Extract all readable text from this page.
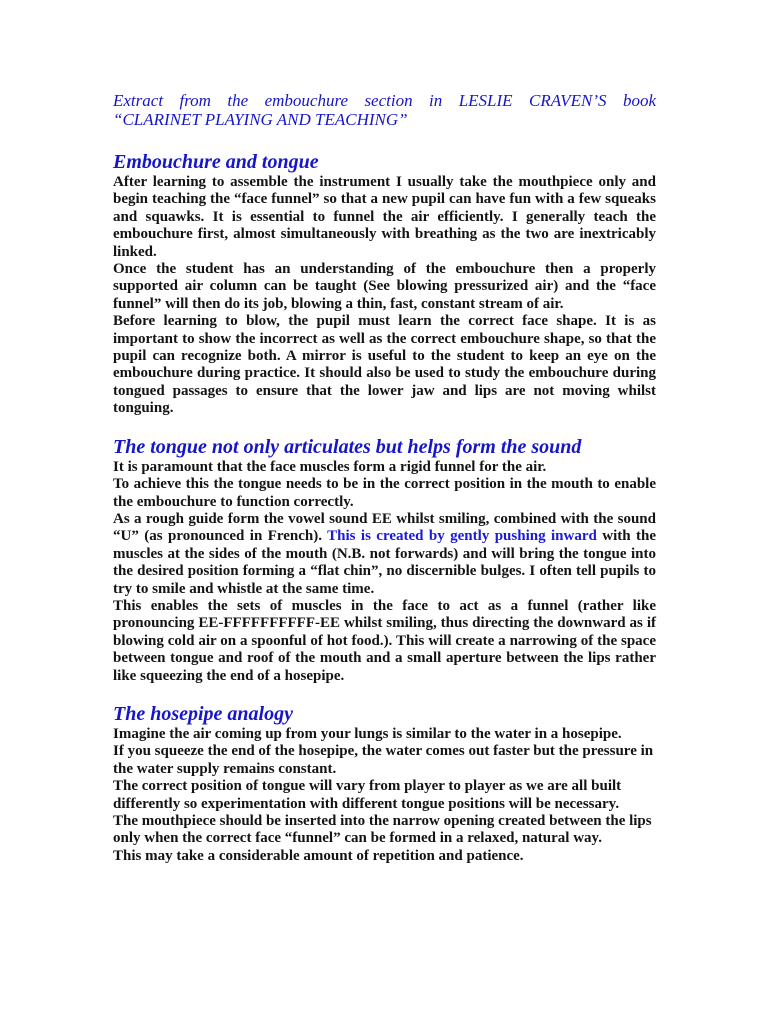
Extract from the embouchure section in LESLIE CRAVEN’S book
“CLARINET PLAYING AND TEACHING”
Embouchure and tongue

After learning to assemble the instrument I usually take the mouthpiece only and begin teaching the “face funnel” so that a new pupil can have fun with a few squeaks and squawks. It is essential to funnel the air efficiently. I generally teach the embouchure first, almost simultaneously with breathing as the two are inextricably linked.

Once the student has an understanding of the embouchure then a properly supported air column can be taught (See blowing pressurized air) and the “face funnel” will then do its job, blowing a thin, fast, constant stream of air.

Before learning to blow, the pupil must learn the correct face shape. It is as important to show the incorrect as well as the correct embouchure shape, so that the pupil can recognize both. A mirror is useful to the student to keep an eye on the embouchure during practice. It should also be used to study the embouchure during tongued passages to ensure that the lower jaw and lips are not moving whilst tonguing.

The tongue not only articulates but helps form the sound

It is paramount that the face muscles form a rigid funnel for the air.

To achieve this the tongue needs to be in the correct position in the mouth to enable the embouchure to function correctly.

As a rough guide form the vowel sound EE whilst smiling, combined with the sound “U” (as pronounced in French). This is created by gently pushing inward with the muscles at the sides of the mouth (N.B. not forwards) and will bring the tongue into the desired position forming a “flat chin”, no discernible bulges. I often tell pupils to try to smile and whistle at the same time.

This enables the sets of muscles in the face to act as a funnel (rather like pronouncing EE-FFFFFFFFFF-EE whilst smiling, thus directing the downward as if blowing cold air on a spoonful of hot food.). This will create a narrowing of the space between tongue and roof of the mouth and a small aperture between the lips rather like squeezing the end of a hosepipe.

The hosepipe analogy

Imagine the air coming up from your lungs is similar to the water in a hosepipe.

If you squeeze the end of the hosepipe, the water comes out faster but the pressure in the water supply remains constant.

The correct position of tongue will vary from player to player as we are all built differently so experimentation with different tongue positions will be necessary.

The mouthpiece should be inserted into the narrow opening created between the lips only when the correct face “funnel” can be formed in a relaxed, natural way.

This may take a considerable amount of repetition and patience.
